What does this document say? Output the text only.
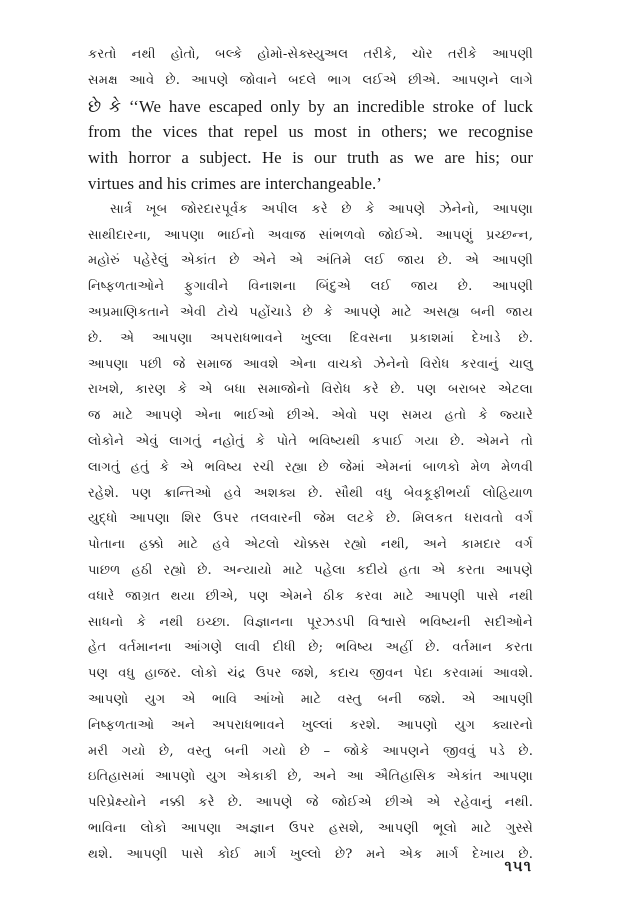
કરતો નથી હોતો, બલ્કે હોમો-સેક્સ્યુઅલ તરીકે, ચોર તરીકે આપણી
સમક્ષ આવે છે. આપણે જોવાને બદલે ભાગ લઈએ છીએ. આપણને લાગે
છે કે ‘‘We have escaped only by an incredible stroke of luck
from the vices that repel us most in others; we recognise
with horror a subject. He is our truth as we are his; our
virtues and his crimes are interchangeable.’
સાર્ત્ર ખૂબ જોરદારપૂર્વક અપીલ કરે છે કે આપણે ઝેનેનો, આપણા
સાથીદારના, આપણા ભાઈનો અવાજ સાંભળવો જોઈએ. આપણું પ્રચ્છન્ન,
મહોરું પહેરેલું એકાંત છે એને એ અંતિમે લઈ જાય છે. એ આપણી
નિષ્ફળતાઓને ફુગાવીને વિનાશના બિંદુએ લઈ જાય છે. આપણી
અપ્રમાણિકતાને એવી ટોચે પહોંચાડે છે કે આપણે માટે અસહ્ય બની જાય
છે. એ આપણા અપરાધભાવને ખુલ્લા દિવસના પ્રકાશમાં દેખાડે છે.
આપણા પછી જે સમાજ આવશે એના વાચકો ઝેનેનો વિરોધ કરવાનું ચાલુ
રાખશે, કારણ કે એ બધા સમાજોનો વિરોધ કરે છે. પણ બરાબર એટલા
જ માટે આપણે એના ભાઈઓ છીએ. એવો પણ સમય હતો કે જ્યારે
લોકોને એવું લાગતું નહોતું કે પોતે ભવિષ્યથી કપાઈ ગયા છે. એમને તો
લાગતું હતું કે એ ભવિષ્ય રચી રહ્યા છે જેમાં એમનાં બાળકો મેળ મેળવી
રહેશે. પણ ક્રાન્તિઓ હવે અશક્ય છે. સૌથી વધુ બેવકૂફીભર્યા લોહિયાળ
યુદ્ધો આપણા શિર ઉપર તલવારની જેમ લટકે છે. મિલકત ધરાવતો વર્ગ
પોતાના હક્કો માટે હવે એટલો ચોક્કસ રહ્યો નથી, અને કામદાર વર્ગ
પાછળ હઠી રહ્યો છે. અન્યાયો માટે પહેલા કદીયે હતા એ કરતા આપણે
વધારે જાગ્રત થયા છીએ, પણ એમને ઠીક કરવા માટે આપણી પાસે નથી
સાધનો કે નથી ઇચ્છા. વિજ્ઞાનના પૂરઝડપી વિશ્વાસે ભવિષ્યની સદીઓને
હેત વર્તમાનના આંગણે લાવી દીધી છે; ભવિષ્ય અહીં છે. વર્તમાન કરતા
પણ વધુ હાજર. લોકો ચંદ્ર ઉપર જશે, કદાચ જીવન પેદા કરવામાં આવશે.
આપણો યુગ એ ભાવિ આંખો માટે વસ્તુ બની જશે. એ આપણી
નિષ્ફળતાઓ અને અપરાધભાવને ખુલ્લાં કરશે. આપણો યુગ ક્યારનો
મરી ગયો છે, વસ્તુ બની ગયો છે – જોકે આપણને જીવવું પડે છે.
ઇતિહાસમાં આપણો યુગ એકાકી છે, અને આ ઐતિહાસિક એકાંત આપણા
પરિપ્રેક્ષ્યોને નક્કી કરે છે. આપણે જે જોઈએ છીએ એ રહેવાનું નથી.
ભાવિના લોકો આપણા અજ્ઞાન ઉપર હસશે, આપણી ભૂલો માટે ગુસ્સે
થશે. આપણી પાસે કોઈ માર્ગ ખુલ્લો છે? મને એક માર્ગ દેખાય છે.
૧૫૧
